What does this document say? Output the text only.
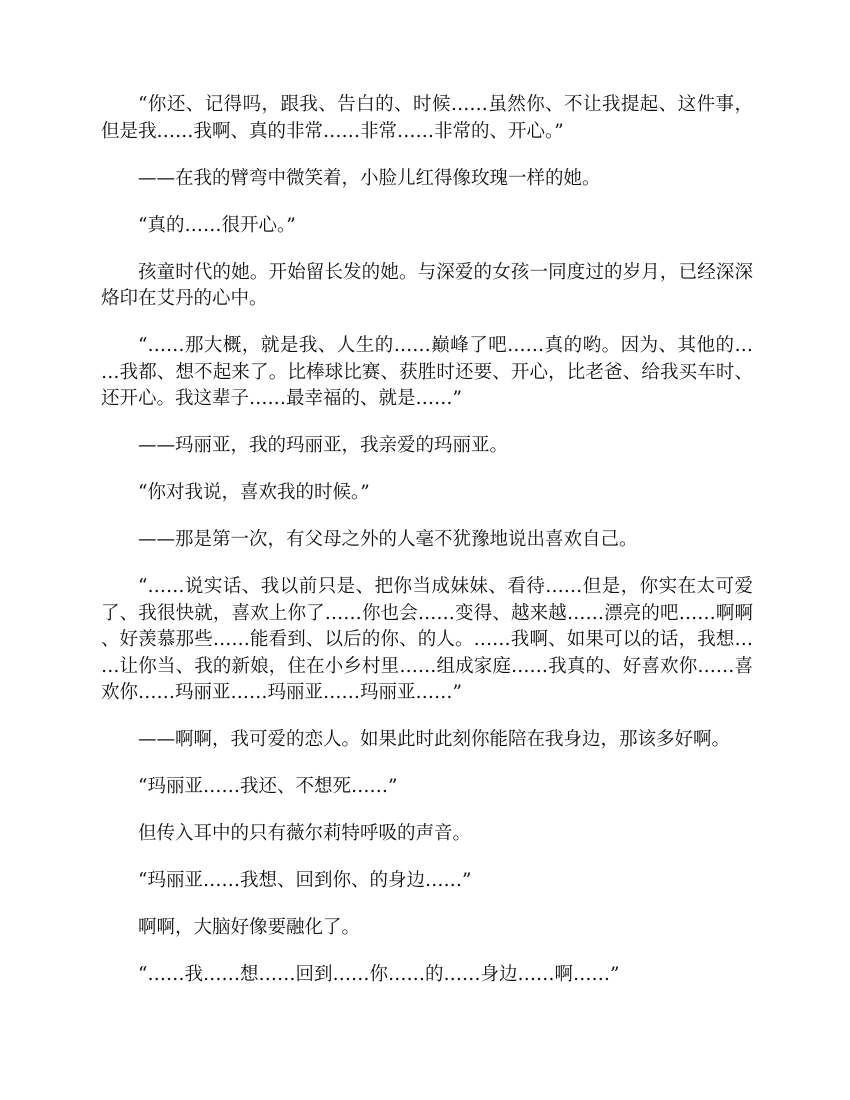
“你还、记得吗，跟我、告白的、时候……虽然你、不让我提起、这件事，但是我……我啊、真的非常……非常……非常的、开心。”

——在我的臂弯中微笑着，小脸儿红得像玫瑰一样的她。

“真的……很开心。”

孩童时代的她。开始留长发的她。与深爱的女孩一同度过的岁月，已经深深烙印在艾丹的心中。

“……那大概，就是我、人生的……巅峰了吧……真的哟。因为、其他的……我都、想不起来了。比棒球比赛、获胜时还要、开心，比老爸、给我买车时、还开心。我这辈子……最幸福的、就是……”

——玛丽亚，我的玛丽亚，我亲爱的玛丽亚。

“你对我说，喜欢我的时候。”

——那是第一次，有父母之外的人毫不犹豫地说出喜欢自己。

“……说实话、我以前只是、把你当成妹妹、看待……但是，你实在太可爱了、我很快就，喜欢上你了……你也会……变得、越来越……漂亮的吧……啊啊、好羡慕那些……能看到、以后的你、的人。……我啊、如果可以的话，我想……让你当、我的新娘，住在小乡村里……组成家庭……我真的、好喜欢你……喜欢你……玛丽亚……玛丽亚……玛丽亚……”

——啊啊，我可爱的恋人。如果此时此刻你能陪在我身边，那该多好啊。

“玛丽亚……我还、不想死……”

但传入耳中的只有薇尔莉特呼吸的声音。

“玛丽亚……我想、回到你、的身边……”

啊啊，大脑好像要融化了。

“……我……想……回到……你……的……身边……啊……”
